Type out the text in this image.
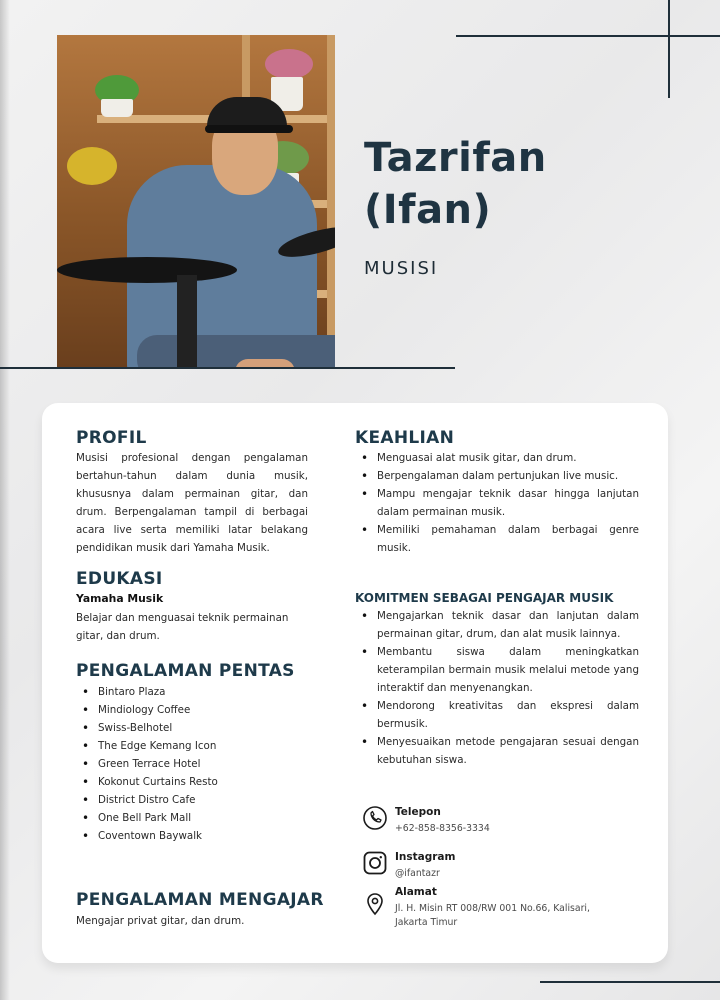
Tazrifan
(Ifan)
MUSISI
PROFIL
Musisi profesional dengan pengalaman bertahun-tahun dalam dunia musik, khususnya dalam permainan gitar, dan drum. Berpengalaman tampil di berbagai acara live serta memiliki latar belakang pendidikan musik dari Yamaha Musik.
EDUKASI
Yamaha Musik
Belajar dan menguasai teknik permainan gitar, dan drum.
PENGALAMAN PENTAS
• Bintaro Plaza
• Mindiology Coffee
• Swiss-Belhotel
• The Edge Kemang Icon
• Green Terrace Hotel
• Kokonut Curtains Resto
• District Distro Cafe
• One Bell Park Mall
• Coventown Baywalk
PENGALAMAN MENGAJAR
Mengajar privat gitar, dan drum.
KEAHLIAN
• Menguasai alat musik gitar, dan drum.
• Berpengalaman dalam pertunjukan live music.
• Mampu mengajar teknik dasar hingga lanjutan dalam permainan musik.
• Memiliki pemahaman dalam berbagai genre musik.
KOMITMEN SEBAGAI PENGAJAR MUSIK
• Mengajarkan teknik dasar dan lanjutan dalam permainan gitar, drum, dan alat musik lainnya.
• Membantu siswa dalam meningkatkan keterampilan bermain musik melalui metode yang interaktif dan menyenangkan.
• Mendorong kreativitas dan ekspresi dalam bermusik.
• Menyesuaikan metode pengajaran sesuai dengan kebutuhan siswa.
Telepon
+62-858-8356-3334
Instagram
@ifantazr
Alamat
Jl. H. Misin RT 008/RW 001 No.66, Kalisari, Jakarta Timur
